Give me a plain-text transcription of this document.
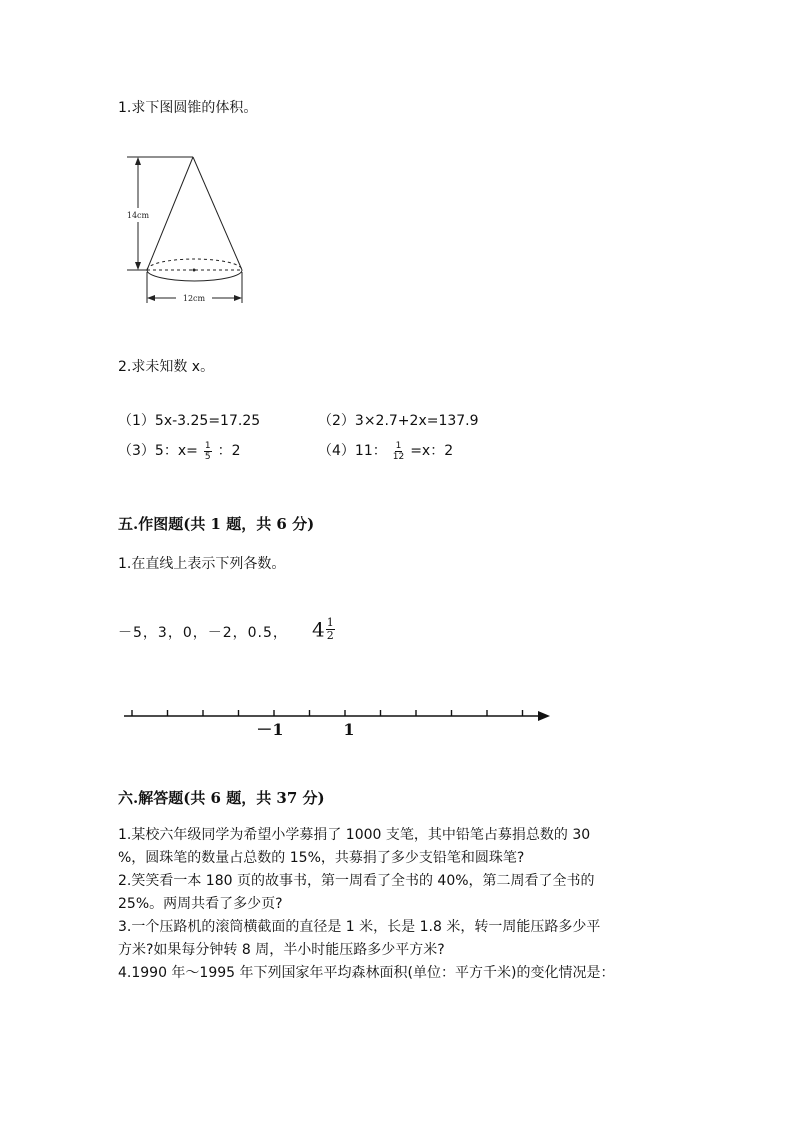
1.求下图圆锥的体积。
14cm
12cm
2.求未知数 x。
（1）5x-3.25=17.25	（2）3×2.7+2x=137.9
（3）5：$x= \frac{1}{5}$ ：2	（4）11： $\frac{1}{12} =x$：2
五.作图题(共 1 题，共 6 分)
1.在直线上表示下列各数。
－5，3，0，－2，0.5， $4 \frac{1}{2}$
－1	1
六.解答题(共 6 题，共 37 分)
1.某校六年级同学为希望小学募捐了 1000 支笔，其中铅笔占募捐总数的 30
%，圆珠笔的数量占总数的 15%，共募捐了多少支铅笔和圆珠笔?
2.笑笑看一本 180 页的故事书，第一周看了全书的 40%，第二周看了全书的
25%。两周共看了多少页?
3.一个压路机的滚筒横截面的直径是 1 米，长是 1.8 米，转一周能压路多少平
方米?如果每分钟转 8 周，半小时能压路多少平方米?
4.1990 年～1995 年下列国家年平均森林面积(单位：平方千米)的变化情况是：
